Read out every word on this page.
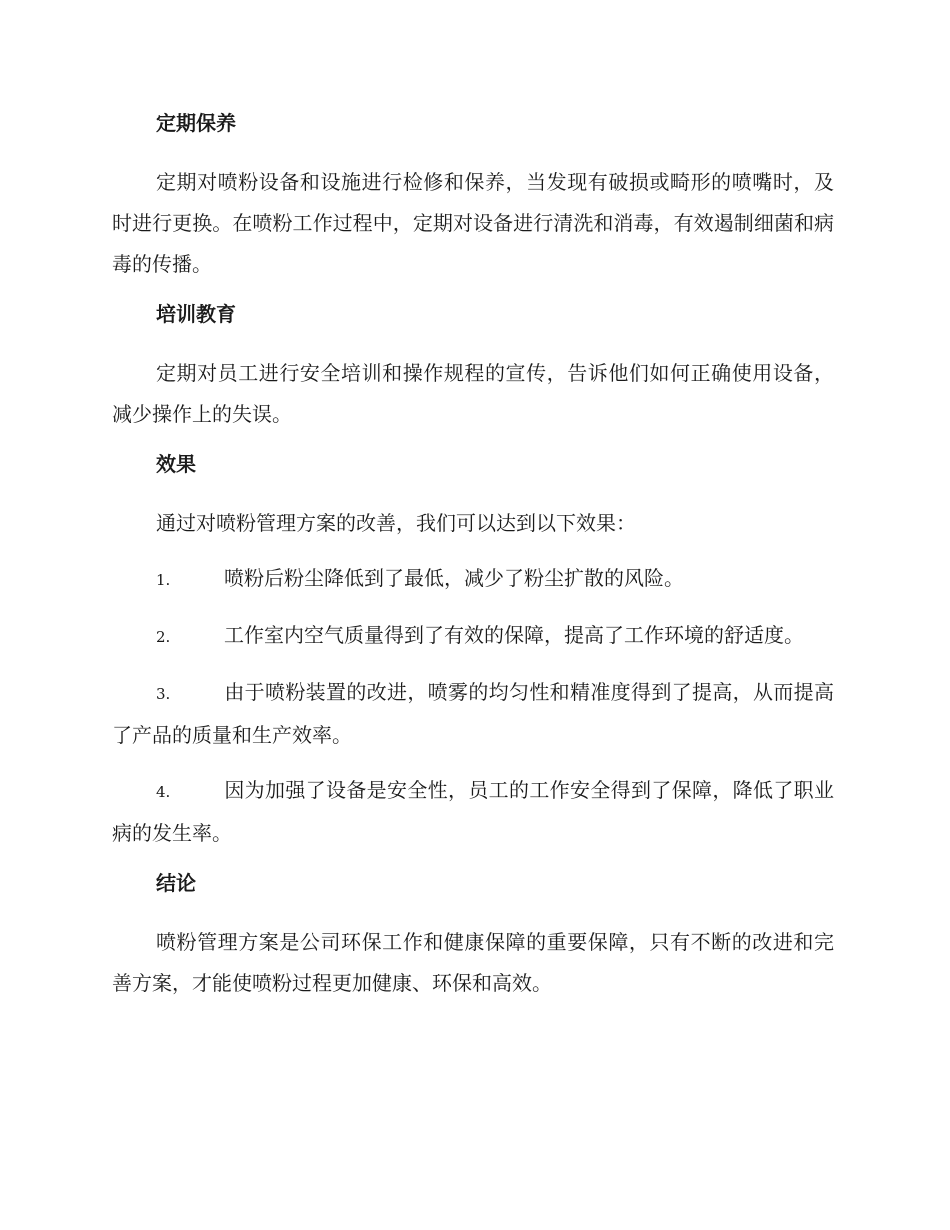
定期保养

定期对喷粉设备和设施进行检修和保养，当发现有破损或畸形的喷嘴时，及时进行更换。在喷粉工作过程中，定期对设备进行清洗和消毒，有效遏制细菌和病毒的传播。

培训教育

定期对员工进行安全培训和操作规程的宣传，告诉他们如何正确使用设备，减少操作上的失误。

效果

通过对喷粉管理方案的改善，我们可以达到以下效果：

1.	喷粉后粉尘降低到了最低，减少了粉尘扩散的风险。

2.	工作室内空气质量得到了有效的保障，提高了工作环境的舒适度。

3.	由于喷粉装置的改进，喷雾的均匀性和精准度得到了提高，从而提高了产品的质量和生产效率。

4.	因为加强了设备是安全性，员工的工作安全得到了保障，降低了职业病的发生率。

结论

喷粉管理方案是公司环保工作和健康保障的重要保障，只有不断的改进和完善方案，才能使喷粉过程更加健康、环保和高效。
